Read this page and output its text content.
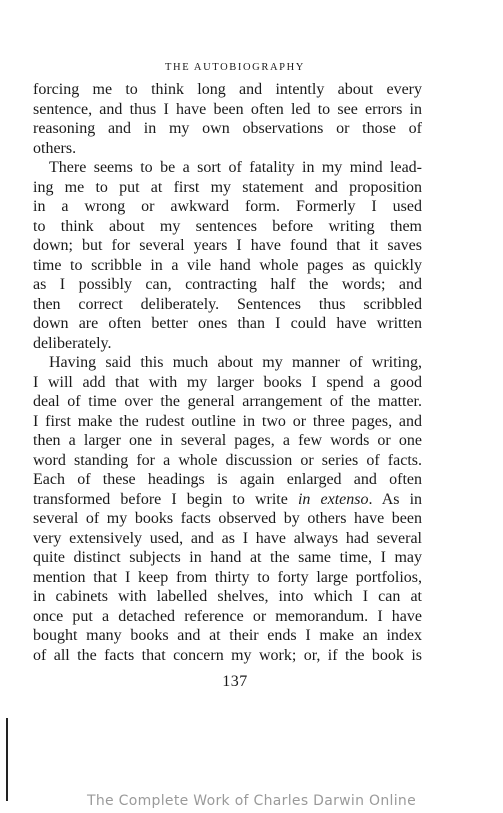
THE AUTOBIOGRAPHY

forcing me to think long and intently about every
sentence, and thus I have been often led to see errors in
reasoning and in my own observations or those of
others.

There seems to be a sort of fatality in my mind lead-
ing me to put at first my statement and proposition
in a wrong or awkward form. Formerly I used
to think about my sentences before writing them
down; but for several years I have found that it saves
time to scribble in a vile hand whole pages as quickly
as I possibly can, contracting half the words; and
then correct deliberately. Sentences thus scribbled
down are often better ones than I could have written
deliberately.

Having said this much about my manner of writing,
I will add that with my larger books I spend a good
deal of time over the general arrangement of the matter.
I first make the rudest outline in two or three pages, and
then a larger one in several pages, a few words or one
word standing for a whole discussion or series of facts.
Each of these headings is again enlarged and often
transformed before I begin to write in extenso. As in
several of my books facts observed by others have been
very extensively used, and as I have always had several
quite distinct subjects in hand at the same time, I may
mention that I keep from thirty to forty large portfolios,
in cabinets with labelled shelves, into which I can at
once put a detached reference or memorandum. I have
bought many books and at their ends I make an index
of all the facts that concern my work; or, if the book is

137
The Complete Work of Charles Darwin Online
